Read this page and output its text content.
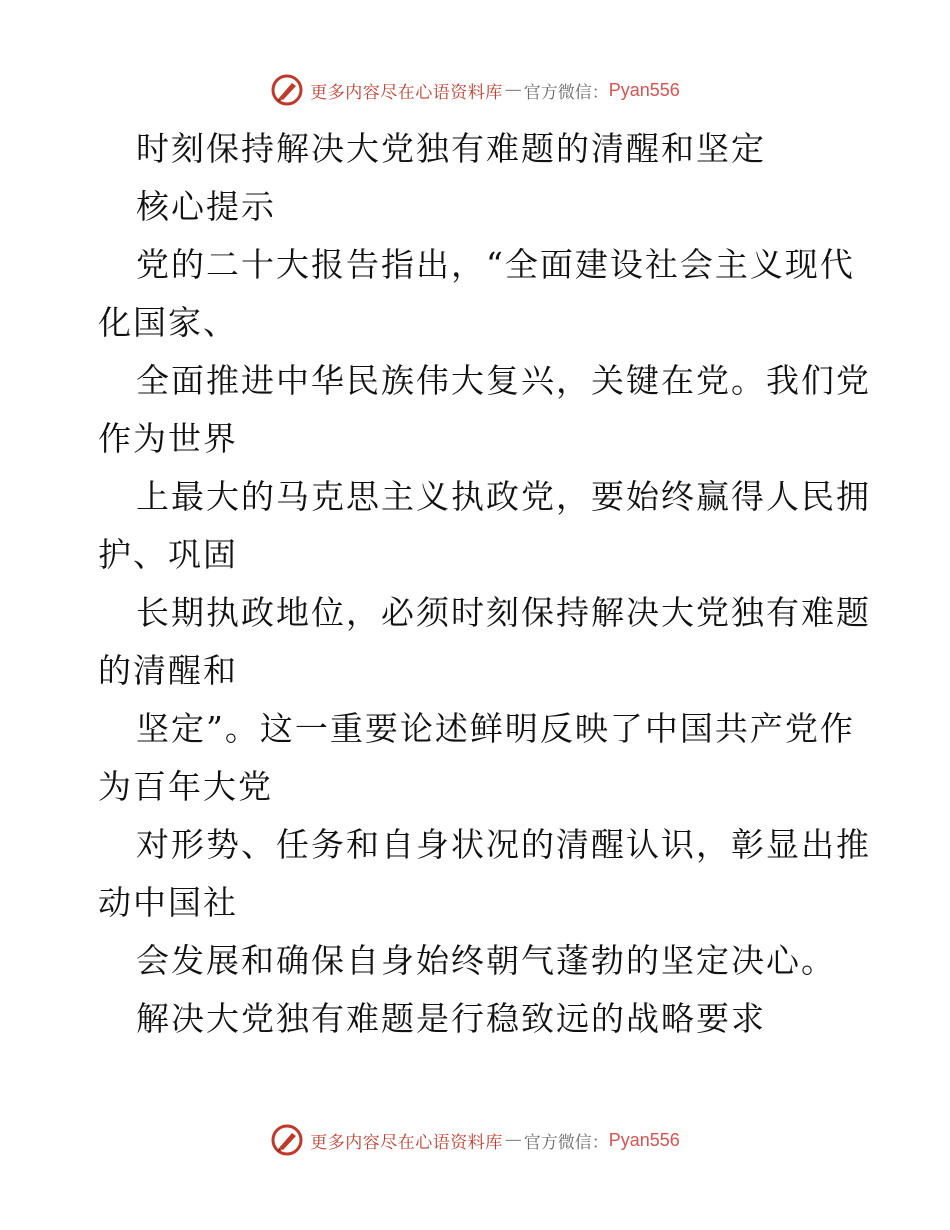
更多内容尽在心语资料库 — 官方微信： Pyan556
时刻保持解决大党独有难题的清醒和坚定
核心提示
党的二十大报告指出，“全面建设社会主义现代
化国家、
全面推进中华民族伟大复兴，关键在党。我们党
作为世界
上最大的马克思主义执政党，要始终赢得人民拥
护、巩固
长期执政地位，必须时刻保持解决大党独有难题
的清醒和
坚定”。这一重要论述鲜明反映了中国共产党作
为百年大党
对形势、任务和自身状况的清醒认识，彰显出推
动中国社
会发展和确保自身始终朝气蓬勃的坚定决心。
解决大党独有难题是行稳致远的战略要求
更多内容尽在心语资料库 — 官方微信： Pyan556
